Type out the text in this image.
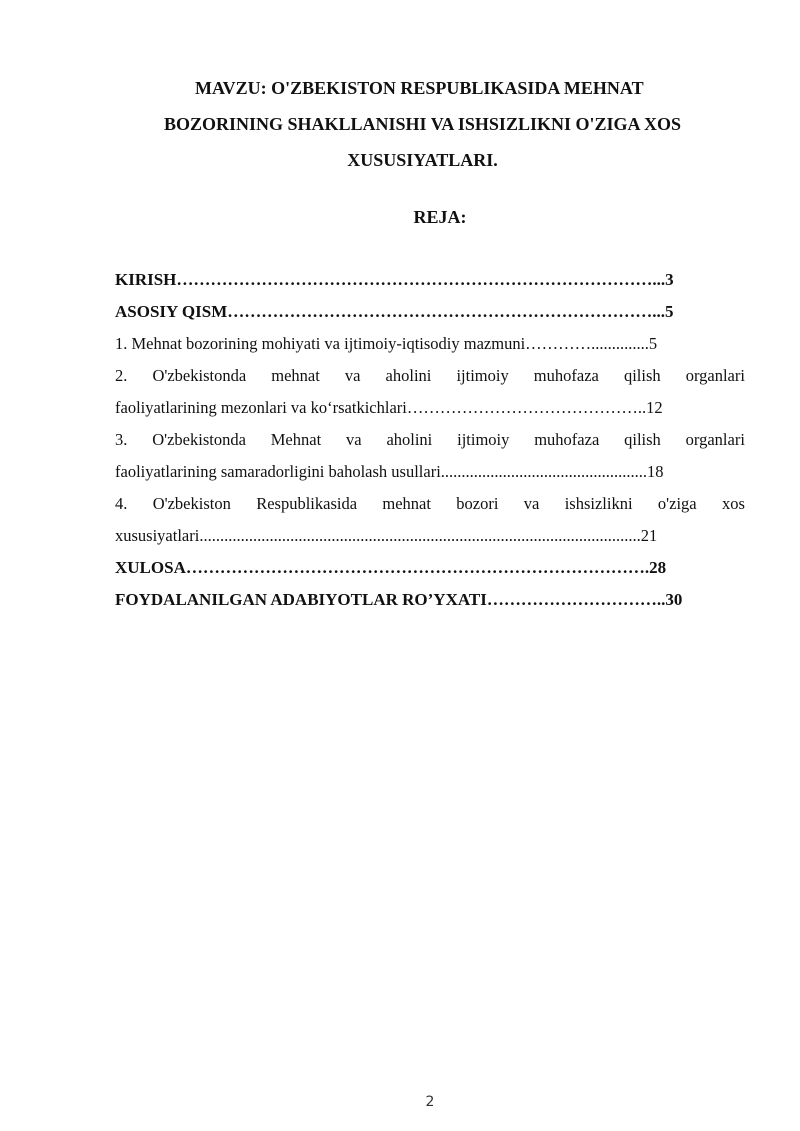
MAVZU: O'ZBEKISTON RESPUBLIKASIDA MEHNAT

BOZORINING SHAKLLANISHI VA ISHSIZLIKNI O'ZIGA XOS

XUSUSIYATLARI.

REJA:

KIRISH…………………………………………………………………………...3
ASOSIY QISM…………………………………………………………………...5
1. Mehnat bozorining mohiyati va ijtimoiy-iqtisodiy mazmuni…………..............5
2. O'zbekistonda mehnat va aholini ijtimoiy muhofaza qilish organlari
faoliyatlarining mezonlari va ko‘rsatkichlari……………………………………..12
3. O'zbekistonda Mehnat va aholini ijtimoiy muhofaza qilish organlari
faoliyatlarining samaradorligini baholash usullari..................................................18
4. O'zbekiston Respublikasida mehnat bozori va ishsizlikni o'ziga xos
xususiyatlari...........................................................................................................21
XULOSA……………………………………………………………………….28
FOYDALANILGAN ADABIYOTLAR RO’YXATI…………………………..30
2
